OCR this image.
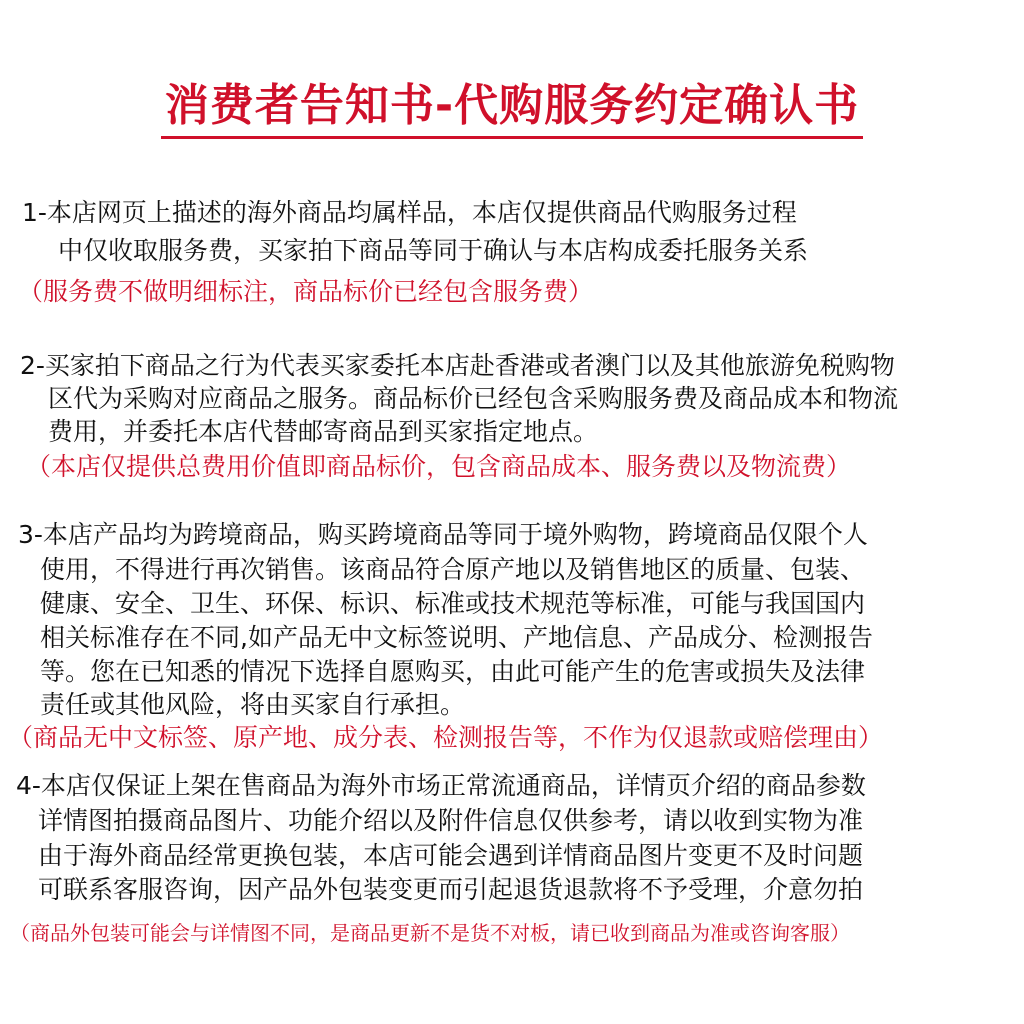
消费者告知书-代购服务约定确认书
1-本店网页上描述的海外商品均属样品，本店仅提供商品代购服务过程
中仅收取服务费，买家拍下商品等同于确认与本店构成委托服务关系
（服务费不做明细标注，商品标价已经包含服务费）
2-买家拍下商品之行为代表买家委托本店赴香港或者澳门以及其他旅游免税购物
区代为采购对应商品之服务。商品标价已经包含采购服务费及商品成本和物流
费用，并委托本店代替邮寄商品到买家指定地点。
（本店仅提供总费用价值即商品标价，包含商品成本、服务费以及物流费）
3-本店产品均为跨境商品，购买跨境商品等同于境外购物，跨境商品仅限个人
使用，不得进行再次销售。该商品符合原产地以及销售地区的质量、包装、
健康、安全、卫生、环保、标识、标准或技术规范等标准，可能与我国国内
相关标准存在不同,如产品无中文标签说明、产地信息、产品成分、检测报告
等。您在已知悉的情况下选择自愿购买，由此可能产生的危害或损失及法律
责任或其他风险，将由买家自行承担。
（商品无中文标签、原产地、成分表、检测报告等，不作为仅退款或赔偿理由）
4-本店仅保证上架在售商品为海外市场正常流通商品，详情页介绍的商品参数
详情图拍摄商品图片、功能介绍以及附件信息仅供参考，请以收到实物为准
由于海外商品经常更换包装，本店可能会遇到详情商品图片变更不及时问题
可联系客服咨询，因产品外包装变更而引起退货退款将不予受理，介意勿拍
（商品外包装可能会与详情图不同，是商品更新不是货不对板，请已收到商品为准或咨询客服）
